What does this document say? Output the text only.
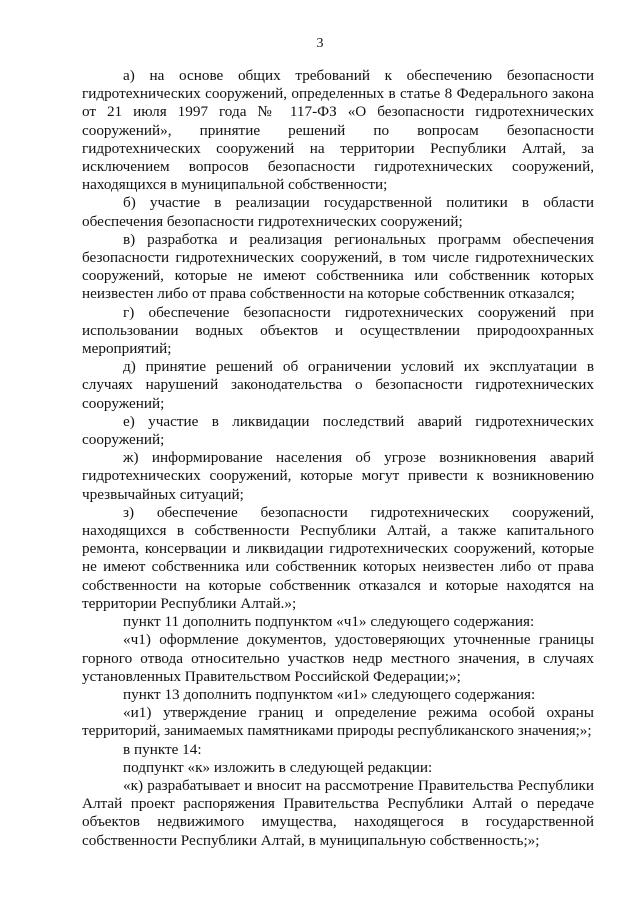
3

а) на основе общих требований к обеспечению безопасности гидротехнических сооружений, определенных в статье 8 Федерального закона от 21 июля 1997 года № 117-ФЗ «О безопасности гидротехнических сооружений», принятие решений по вопросам безопасности гидротехнических сооружений на территории Республики Алтай, за исключением вопросов безопасности гидротехнических сооружений, находящихся в муниципальной собственности;

б) участие в реализации государственной политики в области обеспечения безопасности гидротехнических сооружений;

в) разработка и реализация региональных программ обеспечения безопасности гидротехнических сооружений, в том числе гидротехнических сооружений, которые не имеют собственника или собственник которых неизвестен либо от права собственности на которые собственник отказался;

г) обеспечение безопасности гидротехнических сооружений при использовании водных объектов и осуществлении природоохранных мероприятий;

д) принятие решений об ограничении условий их эксплуатации в случаях нарушений законодательства о безопасности гидротехнических сооружений;

е) участие в ликвидации последствий аварий гидротехнических сооружений;

ж) информирование населения об угрозе возникновения аварий гидротехнических сооружений, которые могут привести к возникновению чрезвычайных ситуаций;

з) обеспечение безопасности гидротехнических сооружений, находящихся в собственности Республики Алтай, а также капитального ремонта, консервации и ликвидации гидротехнических сооружений, которые не имеют собственника или собственник которых неизвестен либо от права собственности на которые собственник отказался и которые находятся на территории Республики Алтай.»;

пункт 11 дополнить подпунктом «ч1» следующего содержания:

«ч1) оформление документов, удостоверяющих уточненные границы горного отвода относительно участков недр местного значения, в случаях установленных Правительством Российской Федерации;»;

пункт 13 дополнить подпунктом «и1» следующего содержания:

«и1) утверждение границ и определение режима особой охраны территорий, занимаемых памятниками природы республиканского значения;»;

в пункте 14:

подпункт «к» изложить в следующей редакции:

«к) разрабатывает и вносит на рассмотрение Правительства Республики Алтай проект распоряжения Правительства Республики Алтай о передаче объектов недвижимого имущества, находящегося в государственной собственности Республики Алтай, в муниципальную собственность;»;
